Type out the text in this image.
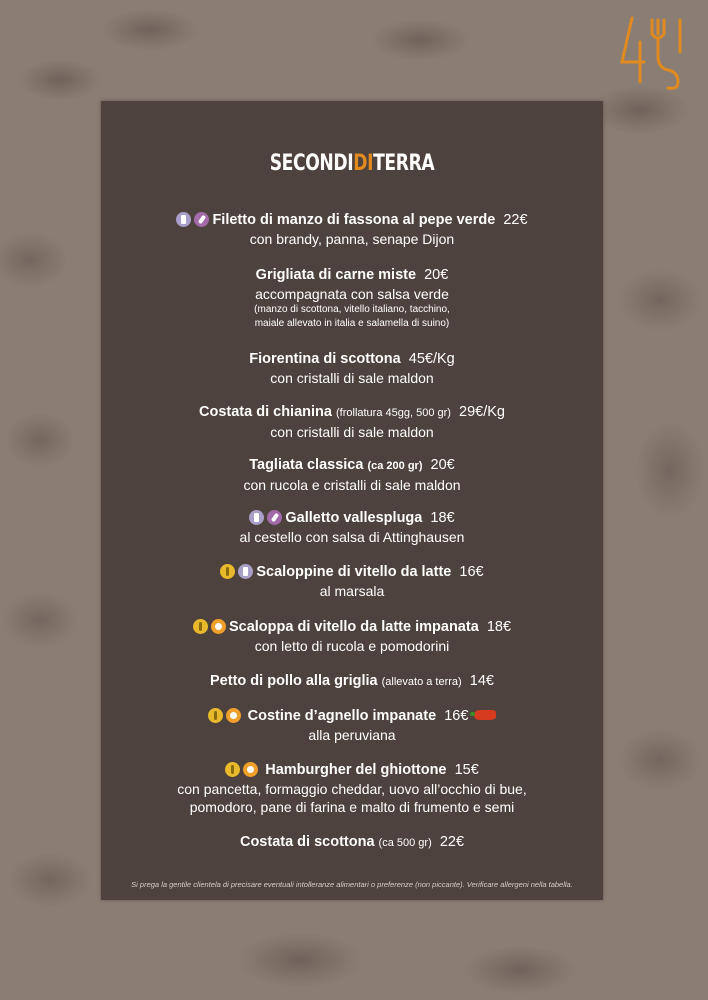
SECONDIDITERRA
Filetto di manzo di fassona al pepe verde 22€
con brandy, panna, senape Dijon
Grigliata di carne miste 20€
accompagnata con salsa verde
(manzo di scottona, vitello italiano, tacchino,
maiale allevato in italia e salamella di suino)
Fiorentina di scottona 45€/Kg
con cristalli di sale maldon
Costata di chianina (frollatura 45gg, 500 gr) 29€/Kg
con cristalli di sale maldon
Tagliata classica (ca 200 gr) 20€
con rucola e cristalli di sale maldon
Galletto vallespluga 18€
al cestello con salsa di Attinghausen
Scaloppine di vitello da latte 16€
al marsala
Scaloppa di vitello da latte impanata 18€
con letto di rucola e pomodorini
Petto di pollo alla griglia (allevato a terra) 14€
Costine d’agnello impanate 16€
alla peruviana
Hamburgher del ghiottone 15€
con pancetta, formaggio cheddar, uovo all’occhio di bue,
pomodoro, pane di farina e malto di frumento e semi
Costata di scottona (ca 500 gr) 22€
Si prega la gentile clientela di precisare eventuali intolleranze alimentari o preferenze (non piccante). Verificare allergeni nella tabella.
